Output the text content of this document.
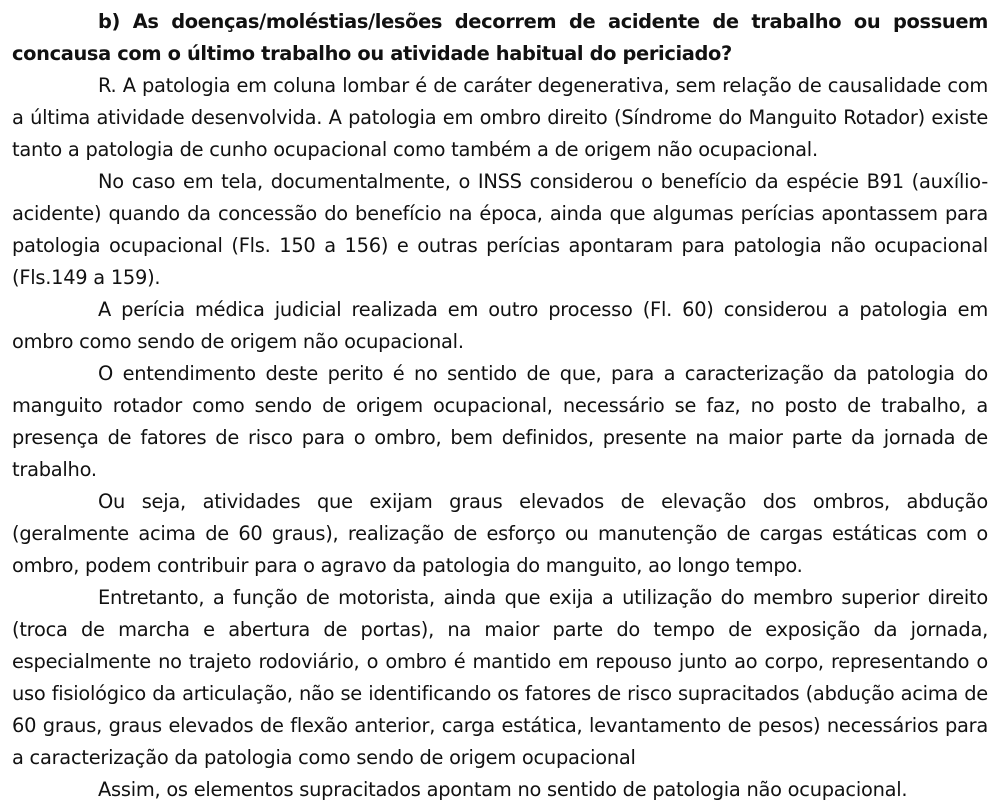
b) As doenças/moléstias/lesões decorrem de acidente de trabalho ou possuem concausa com o último trabalho ou atividade habitual do periciado?

R. A patologia em coluna lombar é de caráter degenerativa, sem relação de causalidade com a última atividade desenvolvida. A patologia em ombro direito (Síndrome do Manguito Rotador) existe tanto a patologia de cunho ocupacional como também a de origem não ocupacional.

No caso em tela, documentalmente, o INSS considerou o benefício da espécie B91 (auxílio-acidente) quando da concessão do benefício na época, ainda que algumas perícias apontassem para patologia ocupacional (Fls. 150 a 156) e outras perícias apontaram para patologia não ocupacional (Fls.149 a 159).

A perícia médica judicial realizada em outro processo (Fl. 60) considerou a patologia em ombro como sendo de origem não ocupacional.

O entendimento deste perito é no sentido de que, para a caracterização da patologia do manguito rotador como sendo de origem ocupacional, necessário se faz, no posto de trabalho, a presença de fatores de risco para o ombro, bem definidos, presente na maior parte da jornada de trabalho.

Ou seja, atividades que exijam graus elevados de elevação dos ombros, abdução (geralmente acima de 60 graus), realização de esforço ou manutenção de cargas estáticas com o ombro, podem contribuir para o agravo da patologia do manguito, ao longo tempo.

Entretanto, a função de motorista, ainda que exija a utilização do membro superior direito (troca de marcha e abertura de portas), na maior parte do tempo de exposição da jornada, especialmente no trajeto rodoviário, o ombro é mantido em repouso junto ao corpo, representando o uso fisiológico da articulação, não se identificando os fatores de risco supracitados (abdução acima de 60 graus, graus elevados de flexão anterior, carga estática, levantamento de pesos) necessários para a caracterização da patologia como sendo de origem ocupacional

Assim, os elementos supracitados apontam no sentido de patologia não ocupacional.
